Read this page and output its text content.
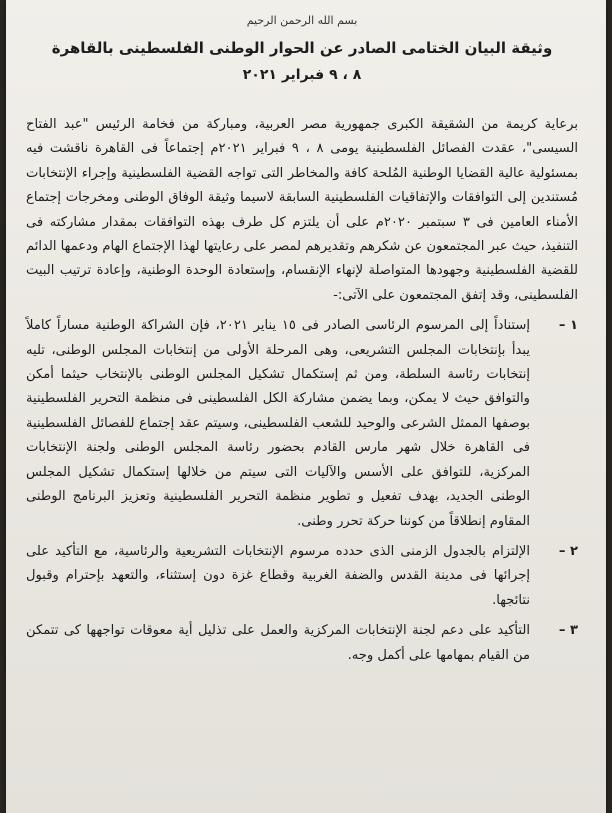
بسم الله الرحمن الرحيم
وثيقة البيان الختامى الصادر عن الحوار الوطنى الفلسطينى بالقاهرة
٨ ، ٩ فبراير ٢٠٢١

برعاية كريمة من الشقيقة الكبرى جمهورية مصر العربية، ومباركة من فخامة الرئيس "عبد الفتاح السيسى"، عقدت الفصائل الفلسطينية يومى ٨ ، ٩ فبراير ٢٠٢١م إجتماعاً فى القاهرة ناقشت فيه بمسئولية عالية القضايا الوطنية المُلحة كافة والمخاطر التى تواجه القضية الفلسطينية وإجراء الإنتخابات مُستندين إلى التوافقات والإتفاقيات الفلسطينية السابقة لاسيما وثيقة الوفاق الوطنى ومخرجات إجتماع الأمناء العامين فى ٣ سبتمبر ٢٠٢٠م على أن يلتزم كل طرف بهذه التوافقات بمقدار مشاركته فى التنفيذ، حيث عبر المجتمعون عن شكرهم وتقديرهم لمصر على رعايتها لهذا الإجتماع الهام ودعمها الدائم للقضية الفلسطينية وجهودها المتواصلة لإنهاء الإنقسام، وإستعادة الوحدة الوطنية، وإعادة ترتيب البيت الفلسطينى، وقد إتفق المجتمعون على الآتى:-

١ –

إستناداً إلى المرسوم الرئاسى الصادر فى ١٥ يناير ٢٠٢١، فإن الشراكة الوطنية مساراً كاملاً يبدأ بإنتخابات المجلس التشريعى، وهى المرحلة الأولى من إنتخابات المجلس الوطنى، تليه إنتخابات رئاسة السلطة، ومن ثم إستكمال تشكيل المجلس الوطنى بالإنتخاب حيثما أمكن والتوافق حيث لا يمكن، وبما يضمن مشاركة الكل الفلسطينى فى منظمة التحرير الفلسطينية بوصفها الممثل الشرعى والوحيد للشعب الفلسطينى، وسيتم عقد إجتماع للفصائل الفلسطينية فى القاهرة خلال شهر مارس القادم بحضور رئاسة المجلس الوطنى ولجنة الإنتخابات المركزية، للتوافق على الأسس والآليات التى سيتم من خلالها إستكمال تشكيل المجلس الوطنى الجديد، بهدف تفعيل و تطوير منظمة التحرير الفلسطينية وتعزيز البرنامج الوطنى المقاوم إنطلاقاً من كوننا حركة تحرر وطنى.

٢ –

الإلتزام بالجدول الزمنى الذى حدده مرسوم الإنتخابات التشريعية والرئاسية، مع التأكيد على إجرائها فى مدينة القدس والضفة الغربية وقطاع غزة دون إستثناء، والتعهد بإحترام وقبول نتائجها.

٣ –

التأكيد على دعم لجنة الإنتخابات المركزية والعمل على تذليل أية معوقات تواجهها كى تتمكن من القيام بمهامها على أكمل وجه.
